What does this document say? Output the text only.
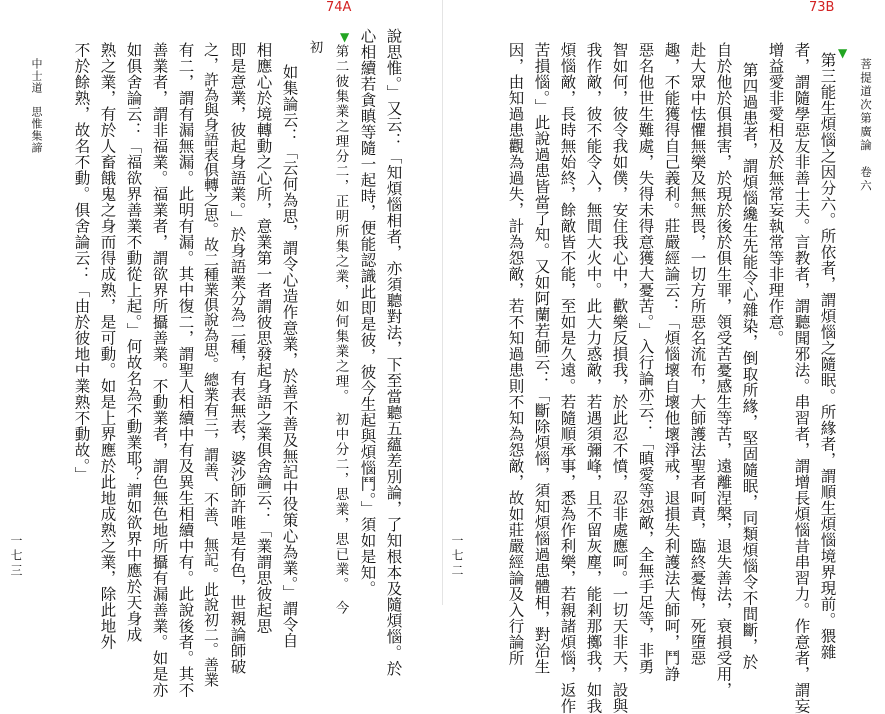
73B
菩提道次第廣論　卷六
▼
第三能生煩惱之因分六。所依者，謂煩惱之隨眠。所緣者，謂順生煩惱境界現前。猥雜
者，謂隨學惡友非善士夫。言教者，謂聽聞邪法。串習者，謂增長煩惱昔串習力。作意者，謂妄
增益愛非愛相及於無常妄執常等非理作意。
第四過患者，謂煩惱纔生先能令心雜染，倒取所緣，堅固隨眠，同類煩惱令不間斷，於
自於他於俱損害，於現於後於俱生罪，領受苦憂感生等苦，遠離涅槃，退失善法，衰損受用，
赴大眾中怯懼無樂及無無畏，一切方所惡名流布，大師護法聖者呵責，臨終憂悔，死墮惡
趣，不能獲得自己義利。莊嚴經論云：「煩惱壞自壞他壞淨戒，退損失利護法大師呵，鬥諍
惡名他世生難處，失得未得意獲大憂苦。」入行論亦云：「瞋愛等怨敵，全無手足等，非勇
智如何，彼令我如僕，安住我心中，歡樂反損我，於此忍不憤，忍非處應呵。一切天非天，設與
我作敵，彼不能令入，無間大火中。此大力惑敵，若遇須彌峰，且不留灰塵，能剎那擲我，如我
煩惱敵，長時無始終，餘敵皆不能，至如是久遠。若隨順承事，悉為作利樂，若親諸煩惱，返作
苦損惱。」此說過患皆當了知。又如阿蘭若師云：「斷除煩惱，須知煩惱過患體相，對治生
因，由知過患觀為過失，計為怨敵，若不知過患則不知為怨敵，故如莊嚴經論及入行論所
一七二
74A
▼ 說思惟。」又云：「知煩惱相者，亦須聽對法，下至當聽五蘊差別論，了知根本及隨煩惱。於
心相續若貪瞋等隨一起時，便能認識此即是彼，彼今生起與煩惱鬥。」須如是知。
第二彼集業之理分二，正明所集之業，如何集業之理。　初中分二，思業，思已業。　今
初
如集論云：「云何為思，謂令心造作意業，於善不善及無記中役策心為業。」謂令自
相應心於境轉動之心所，意業第一者謂彼思發起身語之業俱舍論云：「業謂思彼起思
即是意業，彼起身語業。」於身語業分為二種，有表無表，婆沙師許唯是有色，世親論師破
之，許為與身語表俱轉之思。故二種業俱說為思。總業有三，謂善、不善、無記。此說初二。善業
有二，謂有漏無漏。此明有漏。其中復二，謂聖人相續中有及異生相續中有。此說後者。其不
善業者，謂非福業。福業者，謂欲界所攝善業。不動業者，謂色無色地所攝有漏善業。如是亦
如俱舍論云：「福欲界善業不動從上起。」何故名為不動業耶？謂如欲界中應於天身成
熟之業，有於人畜餓鬼之身而得成熟，是可動。如是上界應於此地成熟之業，除此地外
不於餘熟，故名不動。俱舍論云：「由於彼地中業熟不動故。」
中士道　思惟集諦
一七三
